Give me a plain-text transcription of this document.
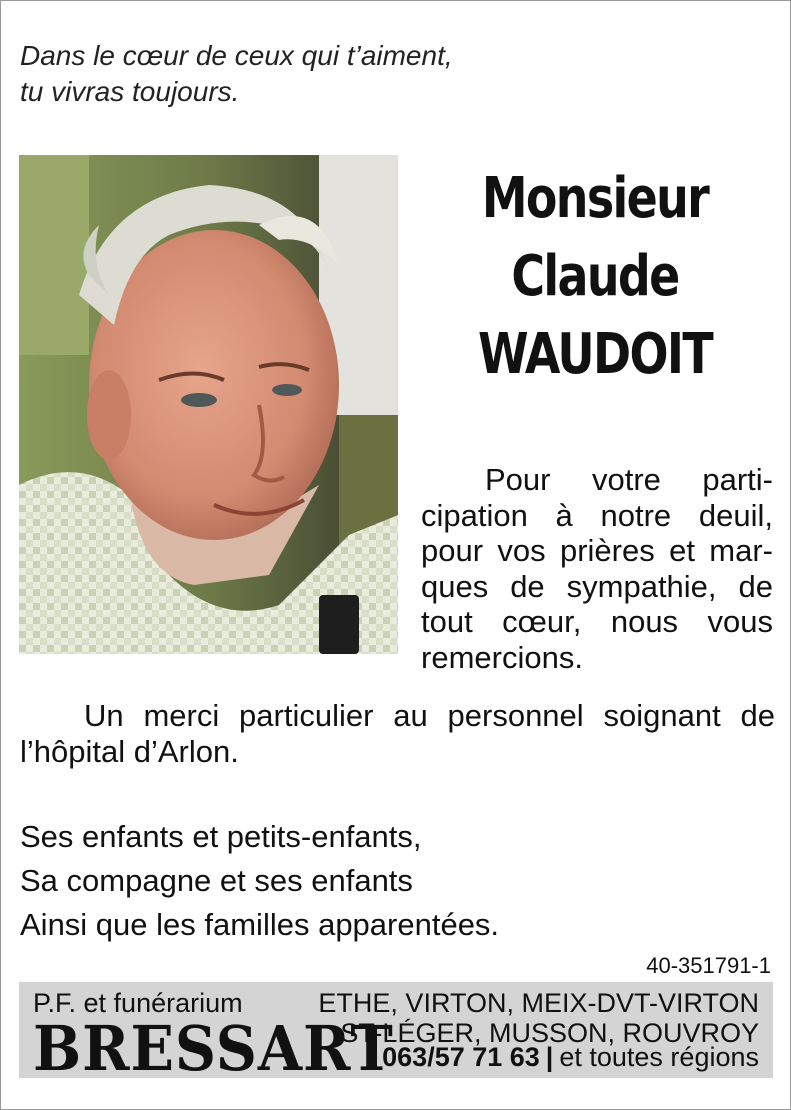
Dans le cœur de ceux qui t’aiment,
tu vivras toujours.
Monsieur
Claude
WAUDOIT

Pour votre participation à notre deuil, pour vos prières et marques de sympathie, de tout cœur, nous vous remercions.

Un merci particulier au personnel soignant de l’hôpital d’Arlon.

Ses enfants et petits-enfants,
Sa compagne et ses enfants
Ainsi que les familles apparentées.
40-351791-1
P.F. et funérarium
BRESSART
ETHE, VIRTON, MEIX-DVT-VIRTON
ST-LÉGER, MUSSON, ROUVROY
063/57 71 63 | et toutes régions
